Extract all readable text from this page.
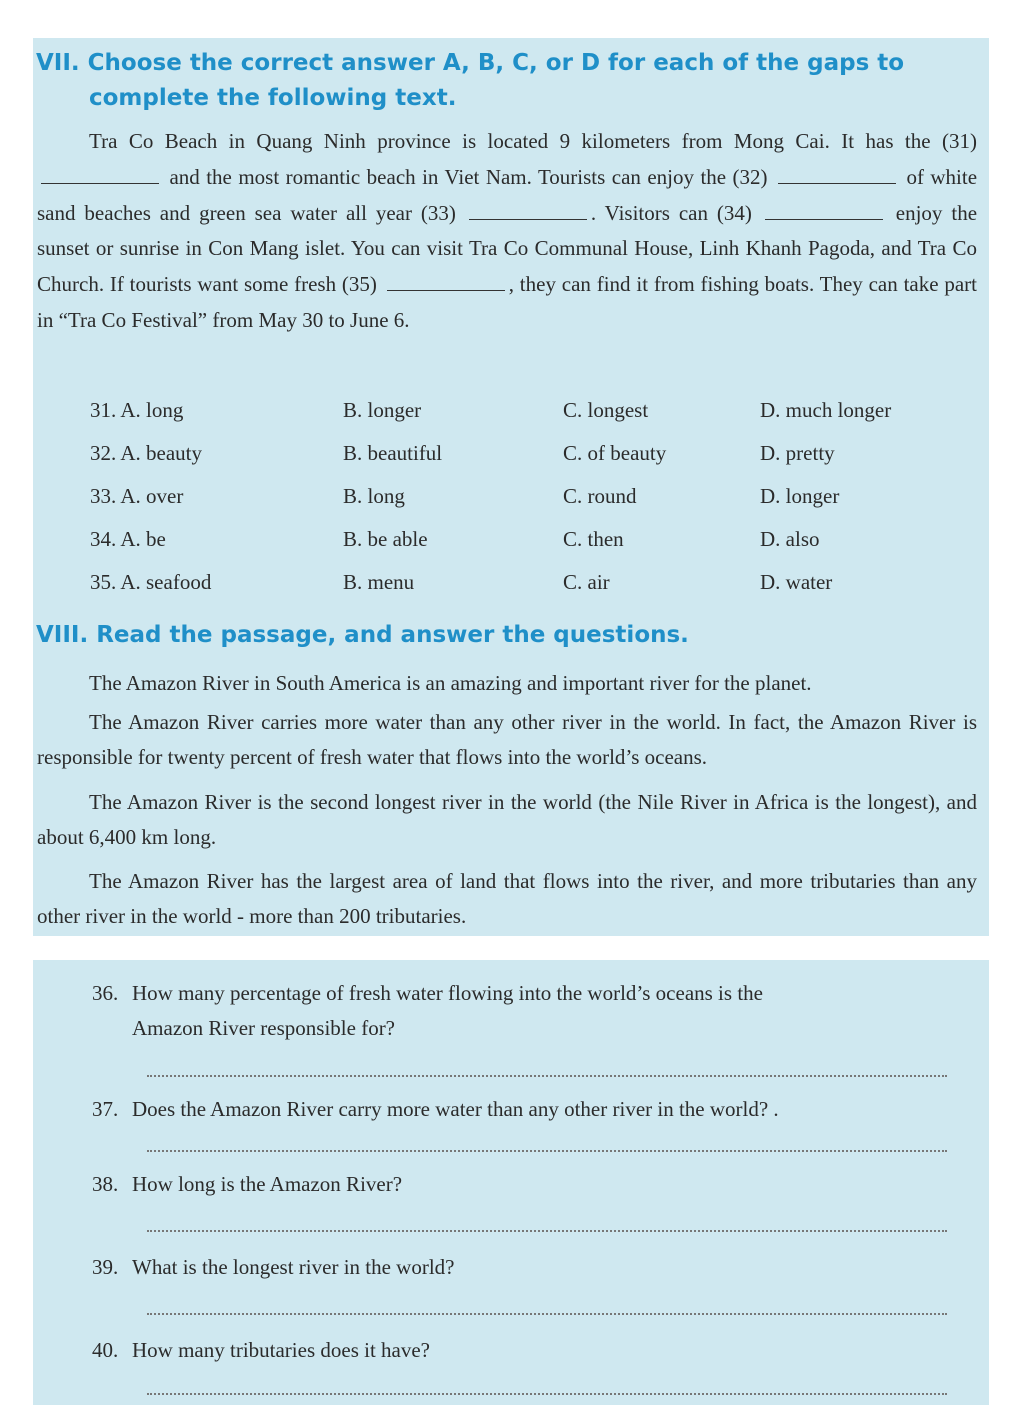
VII. Choose the correct answer A, B, C, or D for each of the gaps to
complete the following text.
Tra Co Beach in Quang Ninh province is located 9 kilometers from Mong Cai. It has the (31)  and the most romantic beach in Viet Nam. Tourists can enjoy the (32)	of white sand beaches and green sea water all year (33)	. Visitors can (34)	enjoy the sunset or sunrise in Con Mang islet. You can visit Tra Co Communal House, Linh Khanh Pagoda, and Tra Co Church. If tourists want some fresh (35)	, they can find it from fishing boats. They can take part in “Tra Co Festival” from May 30 to June 6.
31. A. long	B. longer	C. longest	D. much longer
32. A. beauty	B. beautiful	C. of beauty	D. pretty
33. A. over	B. long	C. round	D. longer
34. A. be	B. be able	C. then	D. also
35. A. seafood	B. menu	C. air	D. water
VIII. Read the passage, and answer the questions.
The Amazon River in South America is an amazing and important river for the planet.
The Amazon River carries more water than any other river in the world. In fact, the Amazon River is responsible for twenty percent of fresh water that flows into the world’s oceans.
The Amazon River is the second longest river in the world (the Nile River in Africa is the longest), and about 6,400 km long.
The Amazon River has the largest area of land that flows into the river, and more tributaries than any other river in the world - more than 200 tributaries.
36. How many percentage of fresh water flowing into the world’s oceans is the
Amazon River responsible for?
37. Does the Amazon River carry more water than any other river in the world? .
38. How long is the Amazon River?
39. What is the longest river in the world?
40. How many tributaries does it have?
